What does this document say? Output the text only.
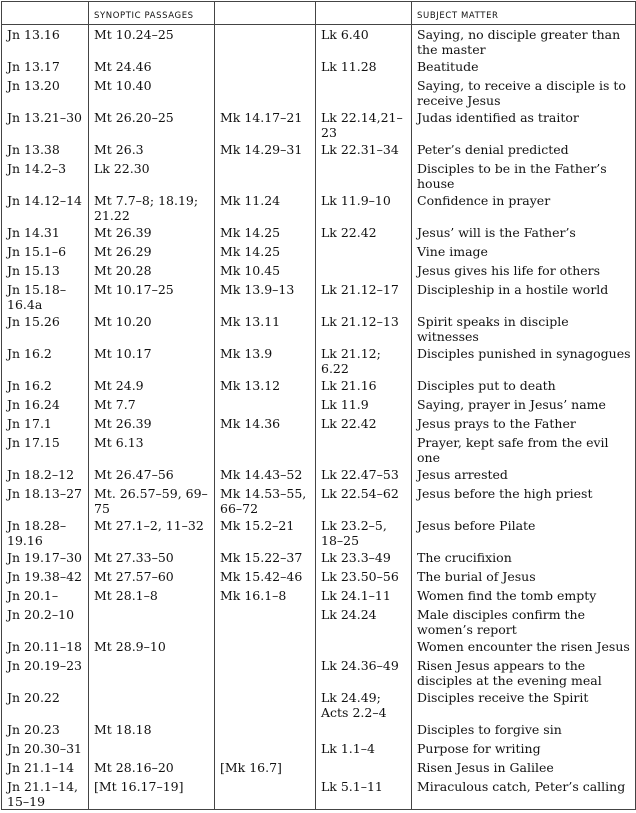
	SYNOPTIC PASSAGES			SUBJECT MATTER
Jn 13.16	Mt 10.24–25		Lk 6.40	Saying, no disciple greater than the master
Jn 13.17	Mt 24.46		Lk 11.28	Beatitude
Jn 13.20	Mt 10.40			Saying, to receive a disciple is to receive Jesus
Jn 13.21–30	Mt 26.20–25	Mk 14.17–21	Lk 22.14,21–23	Judas identified as traitor
Jn 13.38	Mt 26.3	Mk 14.29–31	Lk 22.31–34	Peter’s denial predicted
Jn 14.2–3	Lk 22.30			Disciples to be in the Father’s house
Jn 14.12–14	Mt 7.7–8; 18.19; 21.22	Mk 11.24	Lk 11.9–10	Confidence in prayer
Jn 14.31	Mt 26.39	Mk 14.25	Lk 22.42	Jesus’ will is the Father’s
Jn 15.1–6	Mt 26.29	Mk 14.25		Vine image
Jn 15.13	Mt 20.28	Mk 10.45		Jesus gives his life for others
Jn 15.18–16.4a	Mt 10.17–25	Mk 13.9–13	Lk 21.12–17	Discipleship in a hostile world
Jn 15.26	Mt 10.20	Mk 13.11	Lk 21.12–13	Spirit speaks in disciple witnesses
Jn 16.2	Mt 10.17	Mk 13.9	Lk 21.12; 6.22	Disciples punished in synagogues
Jn 16.2	Mt 24.9	Mk 13.12	Lk 21.16	Disciples put to death
Jn 16.24	Mt 7.7		Lk 11.9	Saying, prayer in Jesus’ name
Jn 17.1	Mt 26.39	Mk 14.36	Lk 22.42	Jesus prays to the Father
Jn 17.15	Mt 6.13			Prayer, kept safe from the evil one
Jn 18.2–12	Mt 26.47–56	Mk 14.43–52	Lk 22.47–53	Jesus arrested
Jn 18.13–27	Mt. 26.57–59, 69–75	Mk 14.53–55, 66–72	Lk 22.54–62	Jesus before the high priest
Jn 18.28–19.16	Mt 27.1–2, 11–32	Mk 15.2–21	Lk 23.2–5, 18–25	Jesus before Pilate
Jn 19.17–30	Mt 27.33–50	Mk 15.22–37	Lk 23.3–49	The crucifixion
Jn 19.38–42	Mt 27.57–60	Mk 15.42–46	Lk 23.50–56	The burial of Jesus
Jn 20.1–	Mt 28.1–8	Mk 16.1–8	Lk 24.1–11	Women find the tomb empty
Jn 20.2–10			Lk 24.24	Male disciples confirm the women’s report
Jn 20.11–18	Mt 28.9–10			Women encounter the risen Jesus
Jn 20.19–23			Lk 24.36–49	Risen Jesus appears to the disciples at the evening meal
Jn 20.22			Lk 24.49; Acts 2.2–4	Disciples receive the Spirit
Jn 20.23	Mt 18.18			Disciples to forgive sin
Jn 20.30–31			Lk 1.1–4	Purpose for writing
Jn 21.1–14	Mt 28.16–20	[Mk 16.7]		Risen Jesus in Galilee
Jn 21.1–14, 15–19	[Mt 16.17–19]		Lk 5.1–11	Miraculous catch, Peter’s calling
